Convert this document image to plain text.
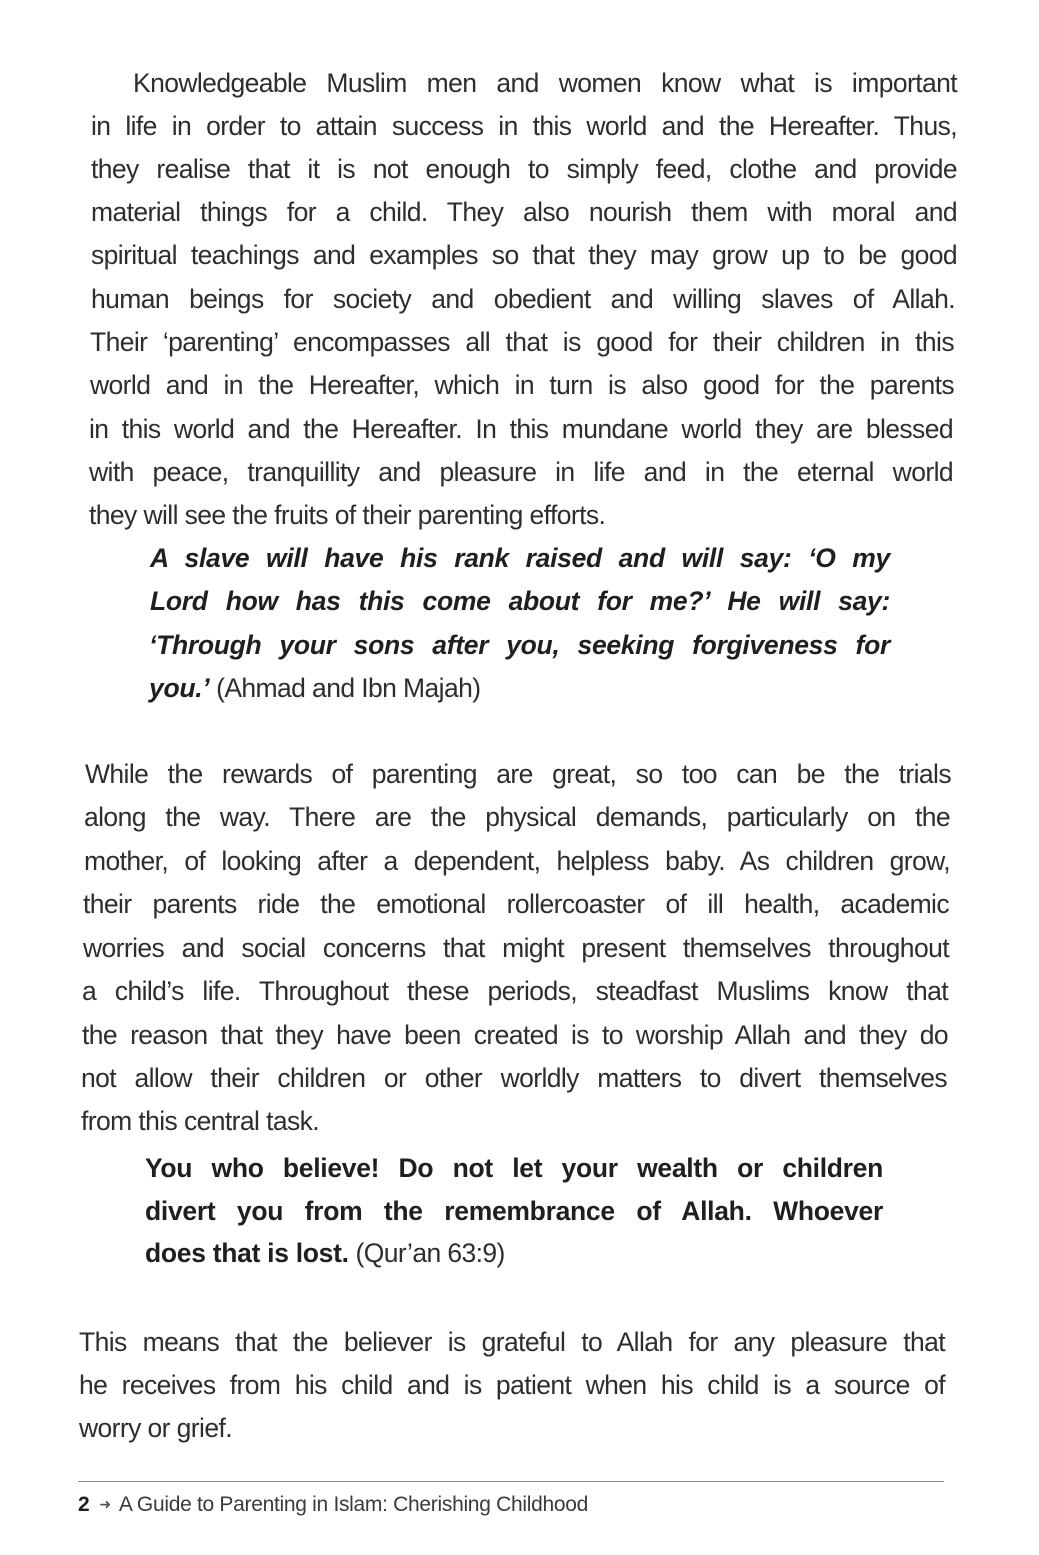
Knowledgeable Muslim men and women know what is important
in life in order to attain success in this world and the Hereafter. Thus,
they realise that it is not enough to simply feed, clothe and provide
material things for a child. They also nourish them with moral and
spiritual teachings and examples so that they may grow up to be good
human beings for society and obedient and willing slaves of Allah.
Their ‘parenting’ encompasses all that is good for their children in this
world and in the Hereafter, which in turn is also good for the parents
in this world and the Hereafter. In this mundane world they are blessed
with peace, tranquillity and pleasure in life and in the eternal world
they will see the fruits of their parenting efforts.
A slave will have his rank raised and will say: ‘O my
Lord how has this come about for me?’ He will say:
‘Through your sons after you, seeking forgiveness for
you.’ (Ahmad and Ibn Majah)
While the rewards of parenting are great, so too can be the trials
along the way. There are the physical demands, particularly on the
mother, of looking after a dependent, helpless baby. As children grow,
their parents ride the emotional rollercoaster of ill health, academic
worries and social concerns that might present themselves throughout
a child’s life. Throughout these periods, steadfast Muslims know that
the reason that they have been created is to worship Allah and they do
not allow their children or other worldly matters to divert themselves
from this central task.
You who believe! Do not let your wealth or children
divert you from the remembrance of Allah. Whoever
does that is lost. (Qur’an 63:9)
This means that the believer is grateful to Allah for any pleasure that
he receives from his child and is patient when his child is a source of
worry or grief.
2 ➜ A Guide to Parenting in Islam: Cherishing Childhood
